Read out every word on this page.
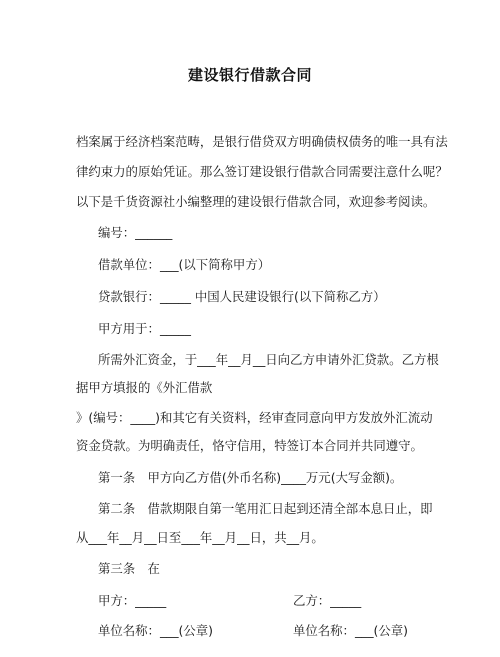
建设银行借款合同
档案属于经济档案范畴，是银行借贷双方明确债权债务的唯一具有法
律约束力的原始凭证。那么签订建设银行借款合同需要注意什么呢？
以下是千货资源社小编整理的建设银行借款合同，欢迎参考阅读。
编号：______
借款单位：___(以下简称甲方）
贷款银行：_____ 中国人民建设银行(以下简称乙方）
甲方用于：_____
所需外汇资金，于___年__月__日向乙方申请外汇贷款。乙方根
据甲方填报的《外汇借款
》(编号：____)和其它有关资料，经审查同意向甲方发放外汇流动
资金贷款。为明确责任，恪守信用，特签订本合同并共同遵守。
第一条　甲方向乙方借(外币名称)____万元(大写金额)。
第二条　借款期限自第一笔用汇日起到还清全部本息日止，即
从___年__月__日至___年__月__日，共__月。
第三条　在
甲方：_____	乙方：_____
单位名称：___(公章)	单位名称：___(公章)
